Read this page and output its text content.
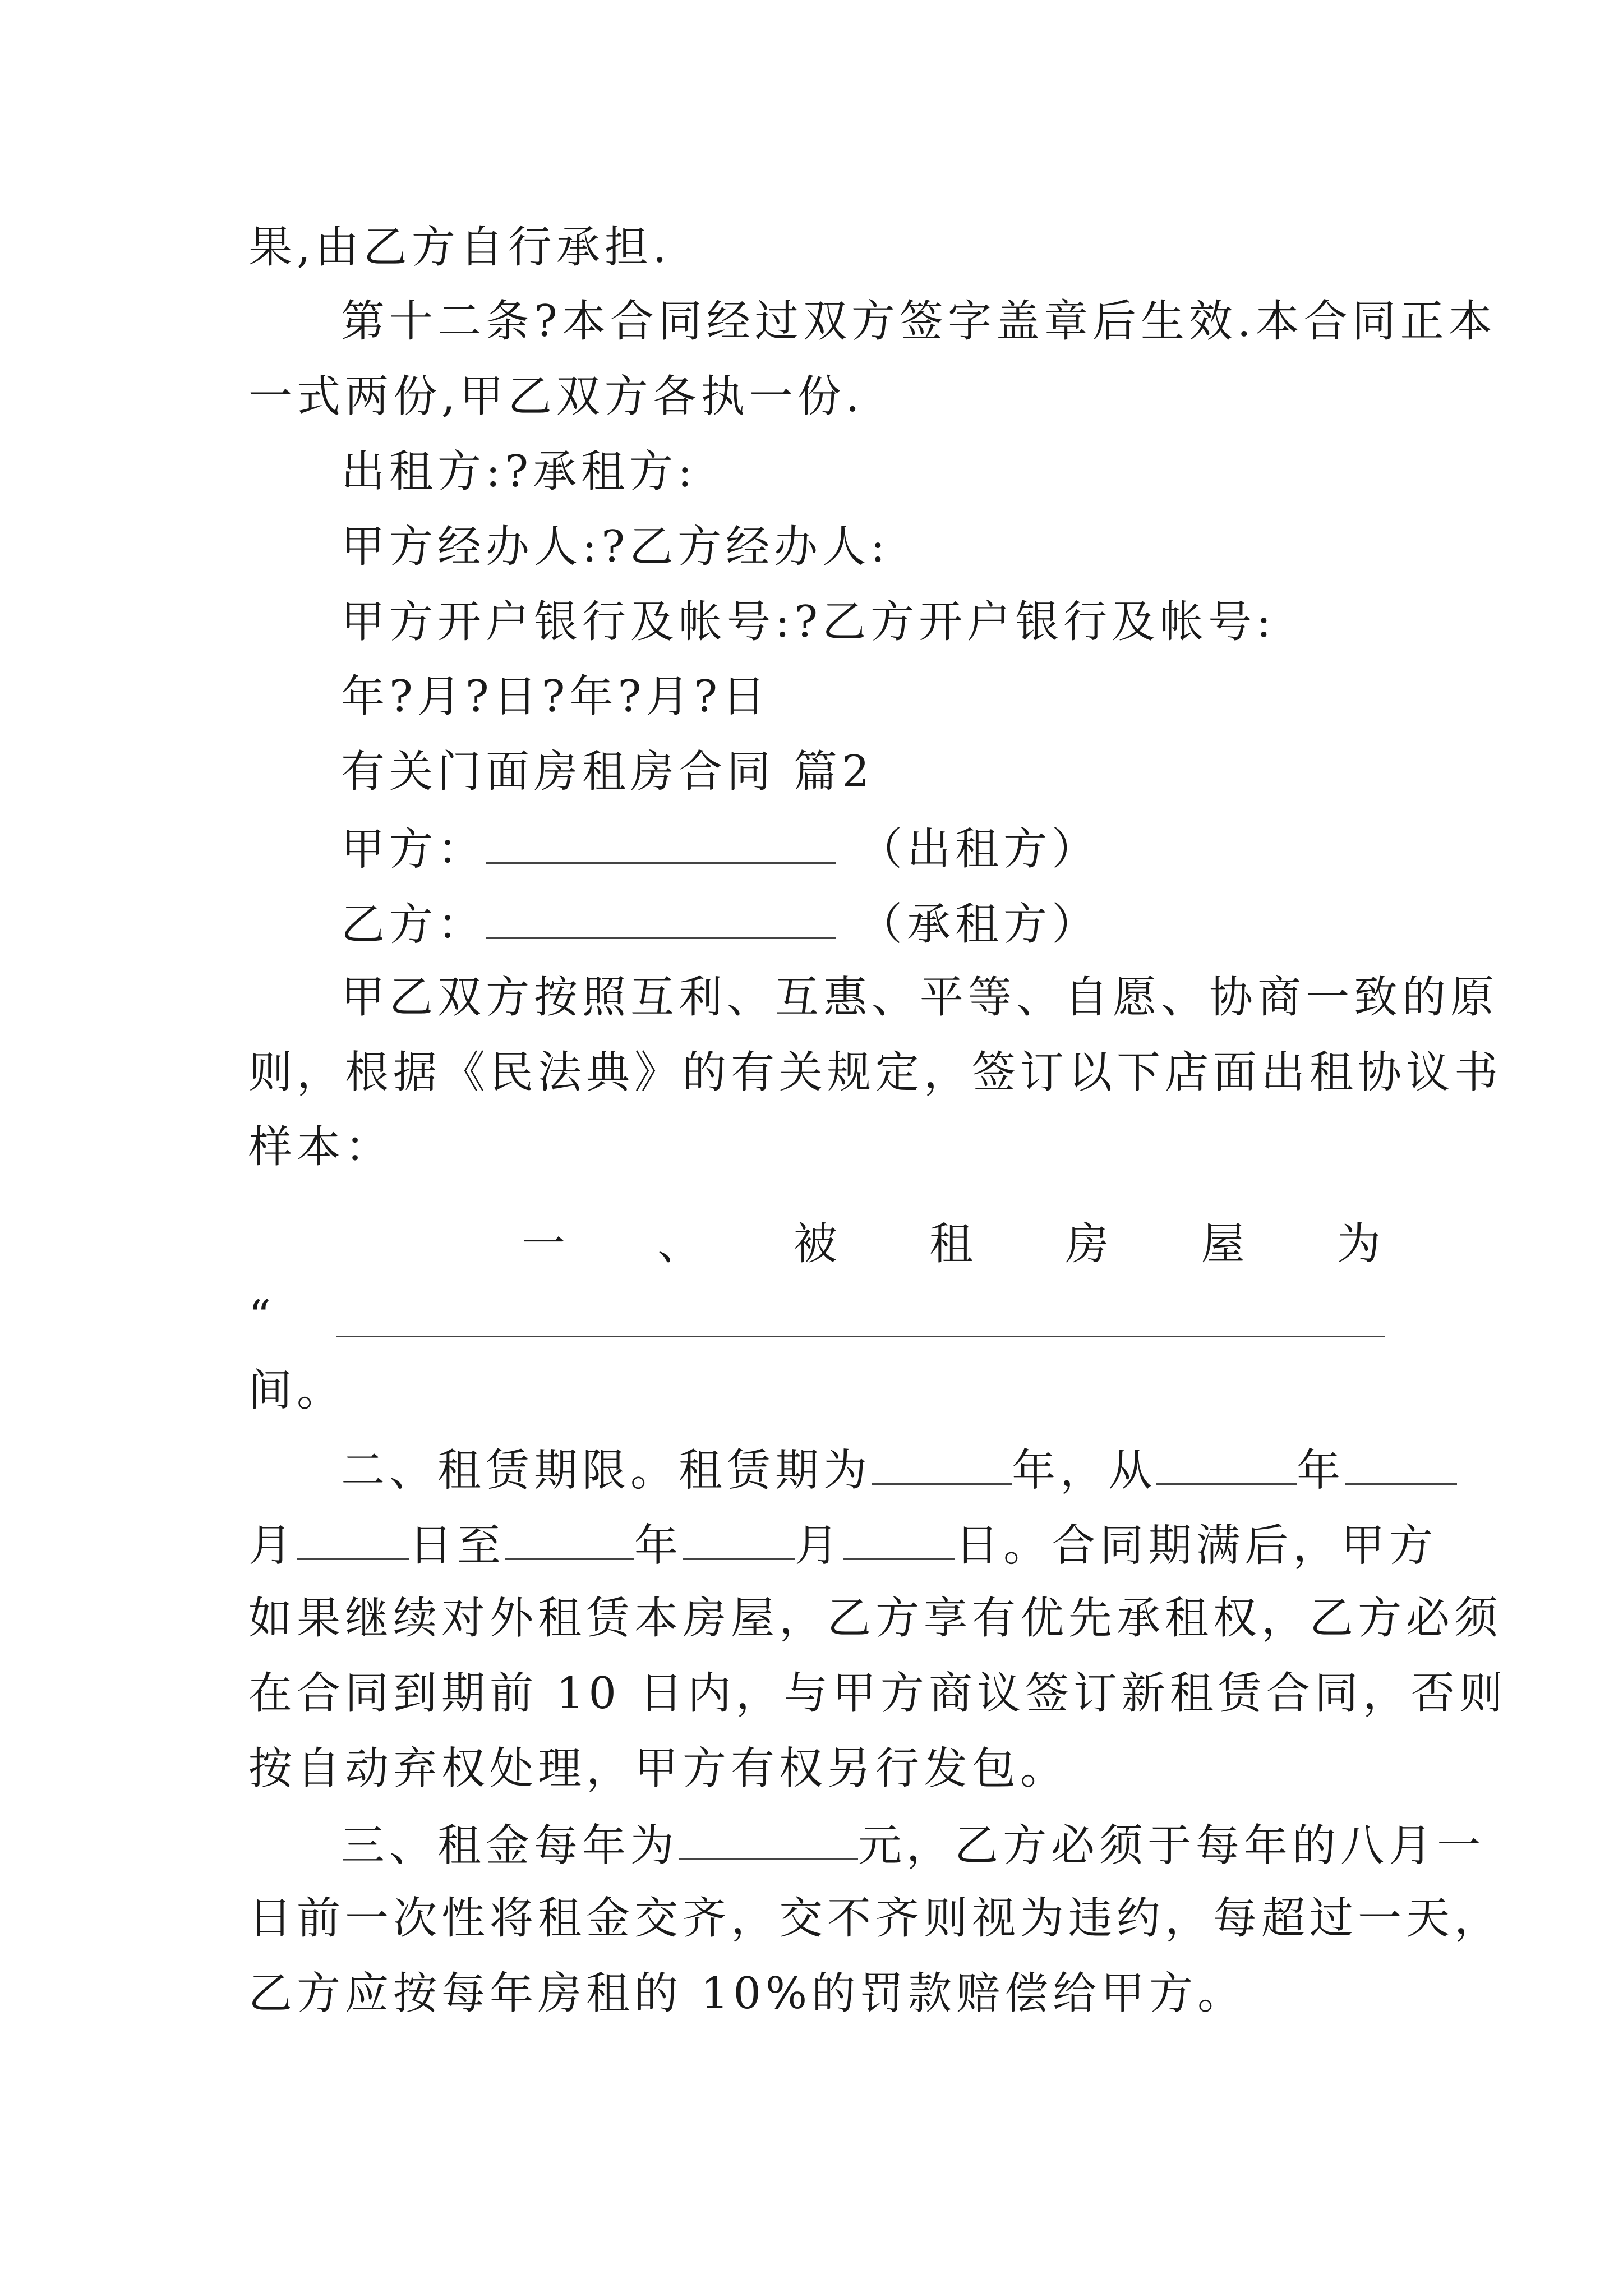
果,由乙方自行承担.
第十二条?本合同经过双方签字盖章后生效.本合同正本
一式两份,甲乙双方各执一份.
出租方:?承租方:
甲方经办人:?乙方经办人:
甲方开户银行及帐号:?乙方开户银行及帐号:
年?月?日?年?月?日
有关门面房租房合同 篇2
甲方：	（出租方）
乙方：	（承租方）
甲乙双方按照互利、互惠、平等、自愿、协商一致的原
则，根据《民法典》的有关规定，签订以下店面出租协议书
样本：
一 、 被 租 房 屋 为
“
间。
二、租赁期限。租赁期为	年，从	年
月	日至	年	月	日。合同期满后，甲方
如果继续对外租赁本房屋，乙方享有优先承租权，乙方必须
在合同到期前 10 日内，与甲方商议签订新租赁合同，否则
按自动弃权处理，甲方有权另行发包。
三、租金每年为	元，乙方必须于每年的八月一
日前一次性将租金交齐，交不齐则视为违约，每超过一天，
乙方应按每年房租的 10%的罚款赔偿给甲方。
